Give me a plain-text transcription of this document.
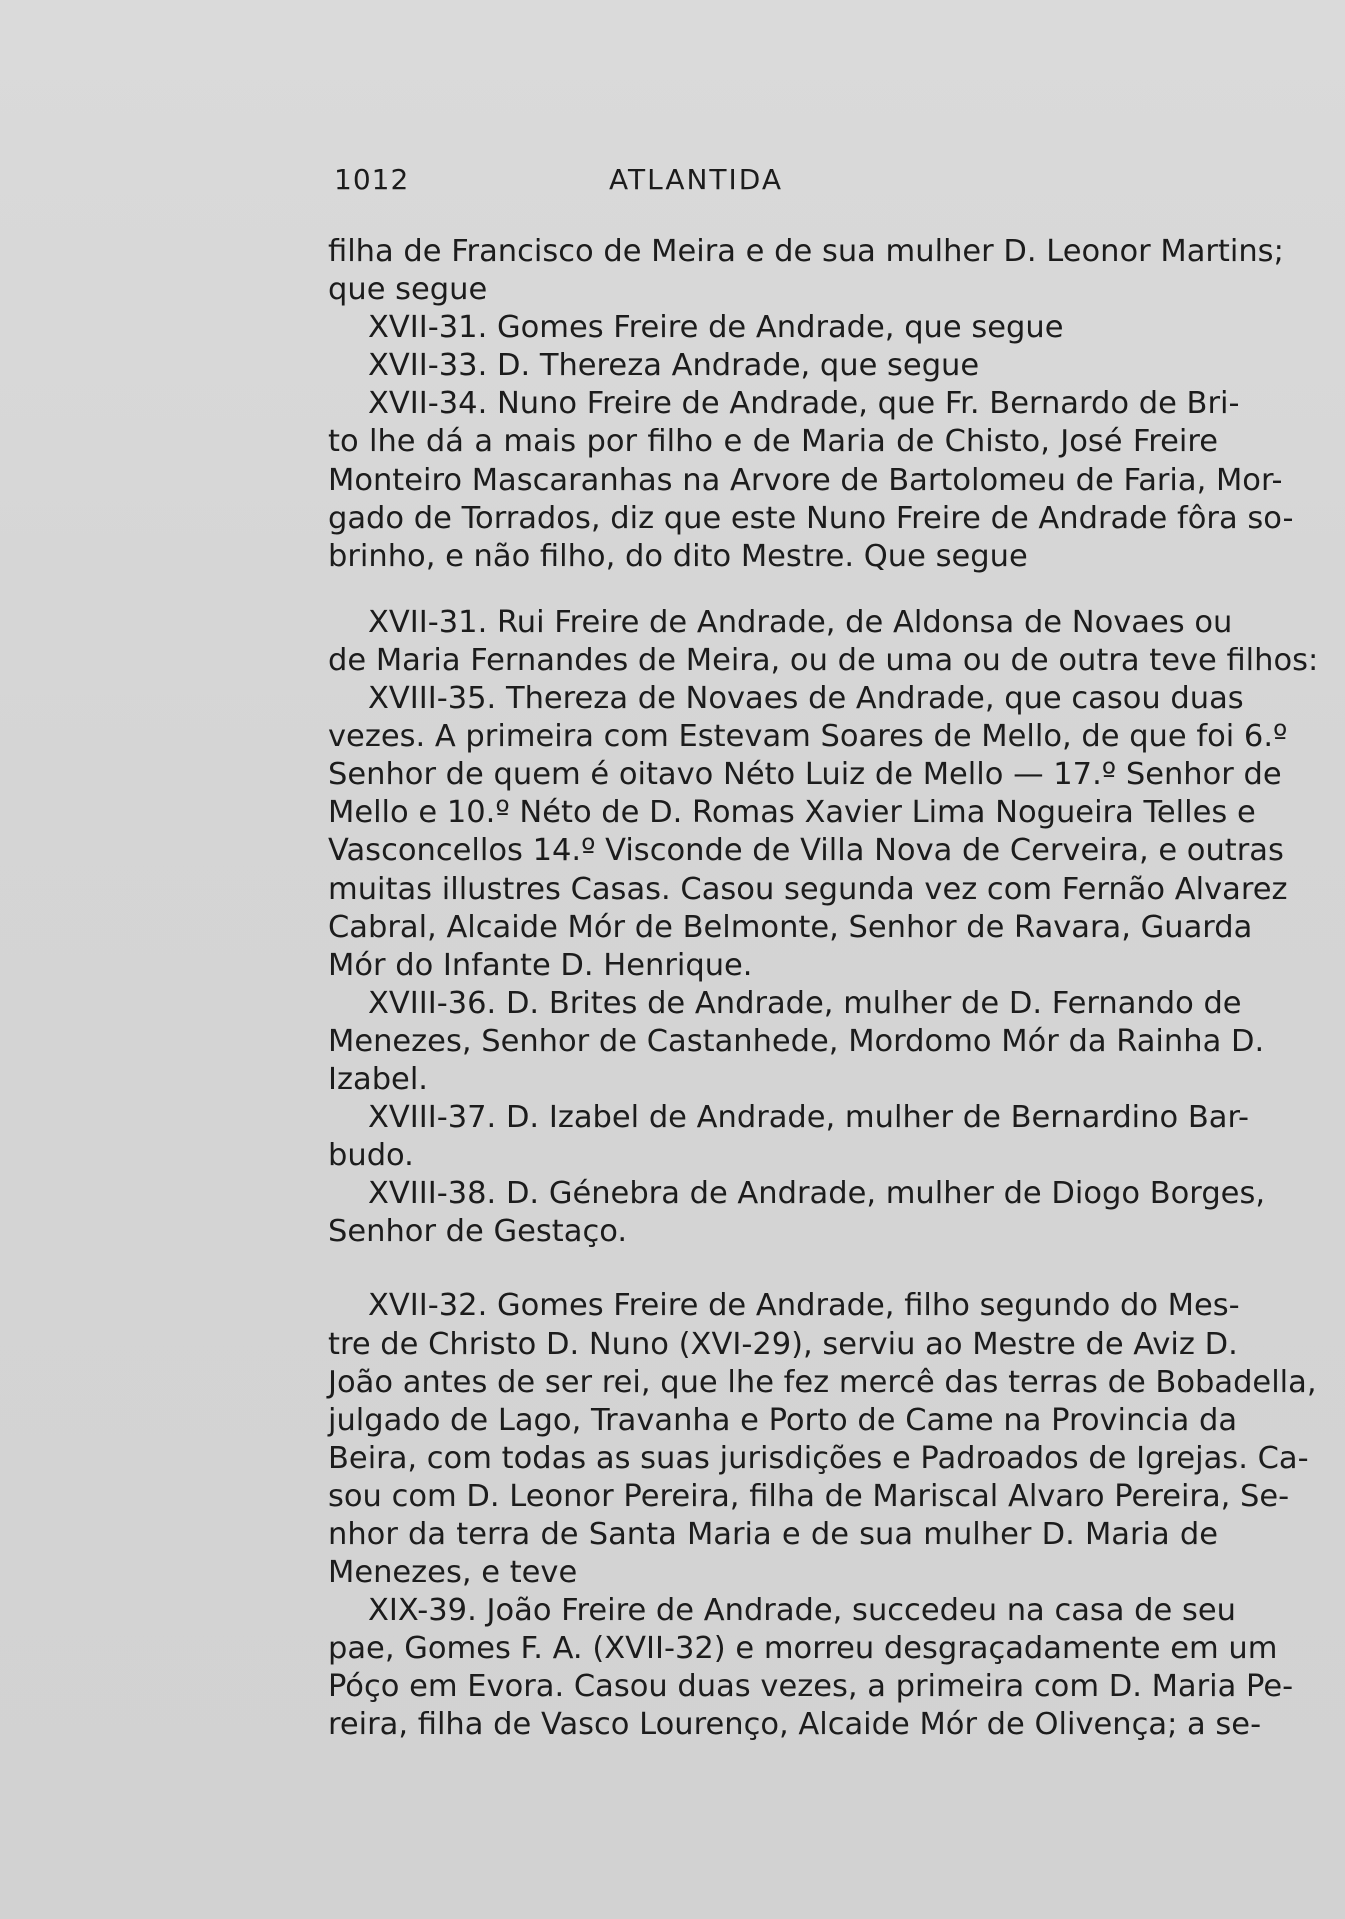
1012	ATLANTIDA
filha de Francisco de Meira e de sua mulher D. Leonor Martins;
que segue
XVII-31. Gomes Freire de Andrade, que segue
XVII-33. D. Thereza Andrade, que segue
XVII-34. Nuno Freire de Andrade, que Fr. Bernardo de Bri-
to lhe dá a mais por filho e de Maria de Chisto, José Freire
Monteiro Mascaranhas na Arvore de Bartolomeu de Faria, Mor-
gado de Torrados, diz que este Nuno Freire de Andrade fôra so-
brinho, e não filho, do dito Mestre. Que segue
XVII-31. Rui Freire de Andrade, de Aldonsa de Novaes ou
de Maria Fernandes de Meira, ou de uma ou de outra teve filhos:
XVIII-35. Thereza de Novaes de Andrade, que casou duas
vezes. A primeira com Estevam Soares de Mello, de que foi 6.º
Senhor de quem é oitavo Néto Luiz de Mello — 17.º Senhor de
Mello e 10.º Néto de D. Romas Xavier Lima Nogueira Telles e
Vasconcellos 14.º Visconde de Villa Nova de Cerveira, e outras
muitas illustres Casas. Casou segunda vez com Fernão Alvarez
Cabral, Alcaide Mór de Belmonte, Senhor de Ravara, Guarda
Mór do Infante D. Henrique.
XVIII-36. D. Brites de Andrade, mulher de D. Fernando de
Menezes, Senhor de Castanhede, Mordomo Mór da Rainha D.
Izabel.
XVIII-37. D. Izabel de Andrade, mulher de Bernardino Bar-
budo.
XVIII-38. D. Génebra de Andrade, mulher de Diogo Borges,
Senhor de Gestaço.
XVII-32. Gomes Freire de Andrade, filho segundo do Mes-
tre de Christo D. Nuno (XVI-29), serviu ao Mestre de Aviz D.
João antes de ser rei, que lhe fez mercê das terras de Bobadella,
julgado de Lago, Travanha e Porto de Came na Provincia da
Beira, com todas as suas jurisdições e Padroados de Igrejas. Ca-
sou com D. Leonor Pereira, filha de Mariscal Alvaro Pereira, Se-
nhor da terra de Santa Maria e de sua mulher D. Maria de
Menezes, e teve
XIX-39. João Freire de Andrade, succedeu na casa de seu
pae, Gomes F. A. (XVII-32) e morreu desgraçadamente em um
Póço em Evora. Casou duas vezes, a primeira com D. Maria Pe-
reira, filha de Vasco Lourenço, Alcaide Mór de Olivença; a se-
